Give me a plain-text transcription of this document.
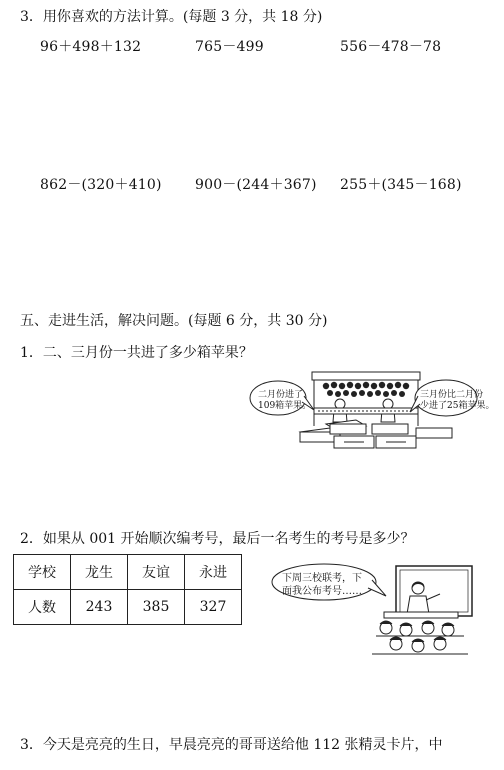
3．用你喜欢的方法计算。(每题 3 分，共 18 分)
96＋498＋132	765－499	556－478－78
862－(320＋410) 900－(244＋367) 255＋(345－168)
五、走进生活，解决问题。(每题 6 分，共 30 分)
1．二、三月份一共进了多少箱苹果？
二月份进了
109箱苹果。
三月份比二月份
少进了25箱苹果。
2．如果从 001 开始顺次编考号，最后一名考生的考号是多少？
学校	龙生	友谊	永进
人数	243	385	327
下周三校联考，下
面我公布考号……
3．今天是亮亮的生日，早晨亮亮的哥哥送给他 112 张精灵卡片，中
